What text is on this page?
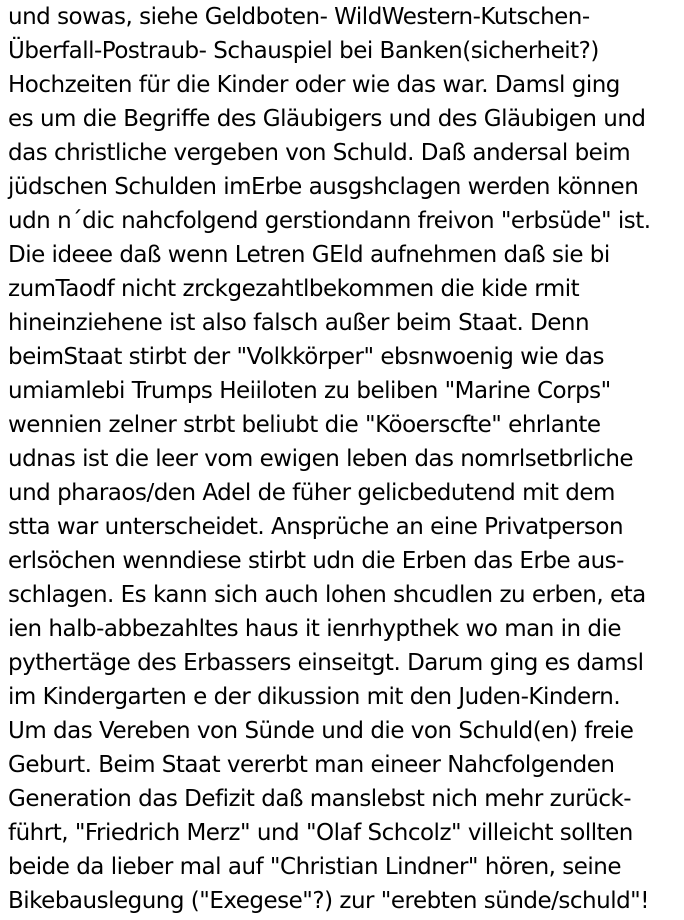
und sowas, siehe Geldboten- WildWestern-Kutschen-
Überfall-Postraub- Schauspiel bei Banken(sicherheit?)
Hochzeiten für die Kinder oder wie das war. Damsl ging
es um die Begriffe des Gläubigers und des Gläubigen und
das christliche vergeben von Schuld. Daß andersal beim
jüdschen Schulden imErbe ausgshclagen werden können
udn n´dic nahcfolgend gerstiondann freivon "erbsüde" ist.
Die ideee daß wenn Letren GEld aufnehmen daß sie bi
zumTaodf nicht zrckgezahtlbekommen die kide rmit
hineinziehene ist also falsch außer beim Staat. Denn
beimStaat stirbt der "Volkkörper" ebsnwoenig wie das
umiamlebi Trumps Heiiloten zu beliben "Marine Corps"
wennien zelner strbt beliubt die "Köoerscfte" ehrlante
udnas ist die leer vom ewigen leben das nomrlsetbrliche
und pharaos/den Adel de füher gelicbedutend mit dem
stta war unterscheidet. Ansprüche an eine Privatperson
erlsöchen wenndiese stirbt udn die Erben das Erbe aus-
schlagen. Es kann sich auch lohen shcudlen zu erben, eta
ien halb-abbezahltes haus it ienrhypthek wo man in die
pythertäge des Erbassers einseitgt. Darum ging es damsl
im Kindergarten e der dikussion mit den Juden-Kindern.
Um das Vereben von Sünde und die von Schuld(en) freie
Geburt. Beim Staat vererbt man eineer Nahcfolgenden
Generation das Defizit daß manslebst nich mehr zurück-
führt, "Friedrich Merz" und "Olaf Schcolz" villeicht sollten
beide da lieber mal auf "Christian Lindner" hören, seine
Bikebauslegung ("Exegese"?) zur "erebten sünde/schuld"!
